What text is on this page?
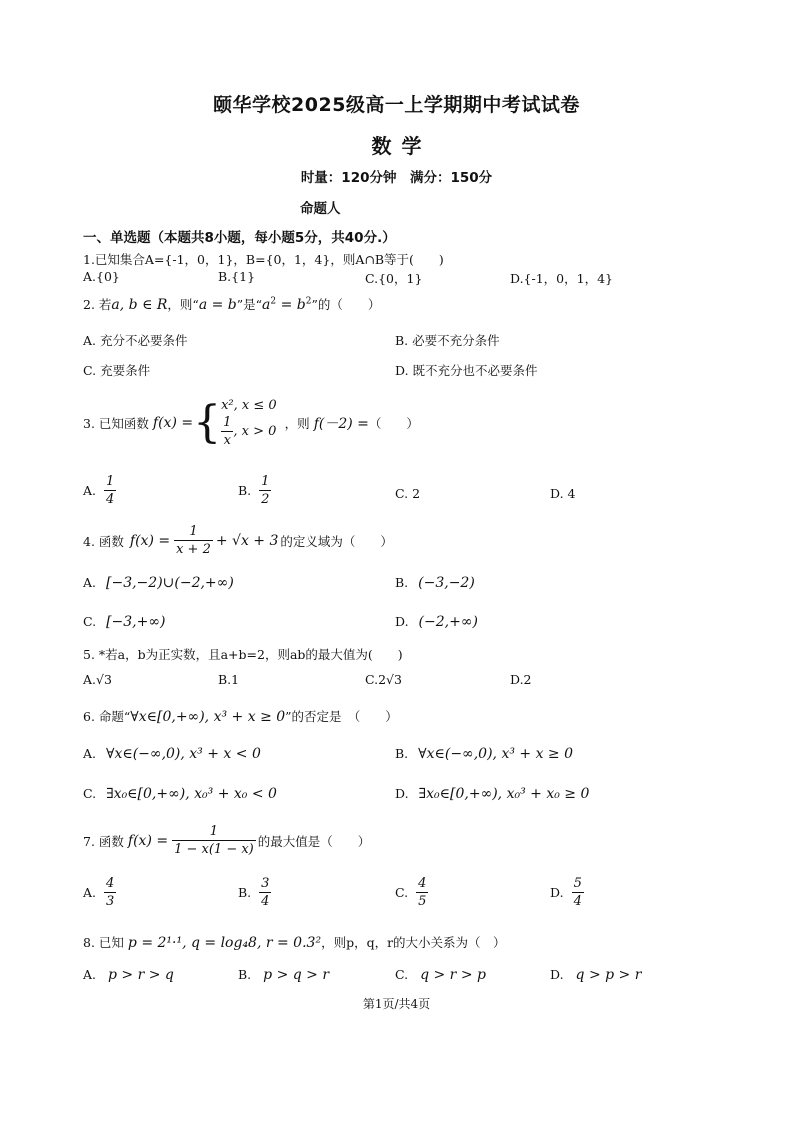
颐华学校2025级高一上学期期中考试试卷
数学
时量：120分钟　满分：150分
命题人
一、单选题（本题共8小题，每小题5分，共40分.）
1.已知集合A={-1，0，1}，B={0，1，4}，则A∩B等于(　　)
A.{0}	B.{1}	C.{0，1}	D.{-1，0，1，4}
2. 若a, b ∈ R，则“a = b”是“$a^2 = b^2$”的（　　）
A. 充分不必要条件	B. 必要不充分条件
C. 充要条件	D. 既不充分也不必要条件
3. 已知函数 f(x) = { x², x ≤ 0
$\frac{1}{x}$ , x > 0
，则 f(－2) = （　　）
A. $\frac{1}{4}$	B. $\frac{1}{2}$	C. 2	D. 4
4. 函数 $f(x) = \frac{1}{x + 2} + √x + 3$ 的定义域为（　　）
A. [−3,−2)∪(−2,+∞)	B. (−3,−2)
C. [−3,+∞)	D. (−2,+∞)
5. *若a，b为正实数，且a+b=2，则ab的最大值为(　　)
A.√3	B.1	C.2√3	D.2
6. 命题“∀x∈[0,+∞), x³ + x ≥ 0”的否定是　（　　）
A. ∀x∈(−∞,0), x³ + x < 0	B. ∀x∈(−∞,0), x³ + x ≥ 0
C. ∃x₀∈[0,+∞), x₀³ + x₀ < 0	D. ∃x₀∈[0,+∞), x₀³ + x₀ ≥ 0
7. 函数 $f(x) = \frac{1}{1 - x(1 - x)}$ 的最大值是（　　）
A. $\frac{4}{3}$	B. $\frac{3}{4}$	C. $\frac{4}{5}$	D. $\frac{5}{4}$
8. 已知 p = 2¹·¹, q = log₄8, r = 0.3²，则p，q，r的大小关系为（　）
A. p > r > q	B. p > q > r	C. q > r > p	D. q > p > r
第1页/共4页
